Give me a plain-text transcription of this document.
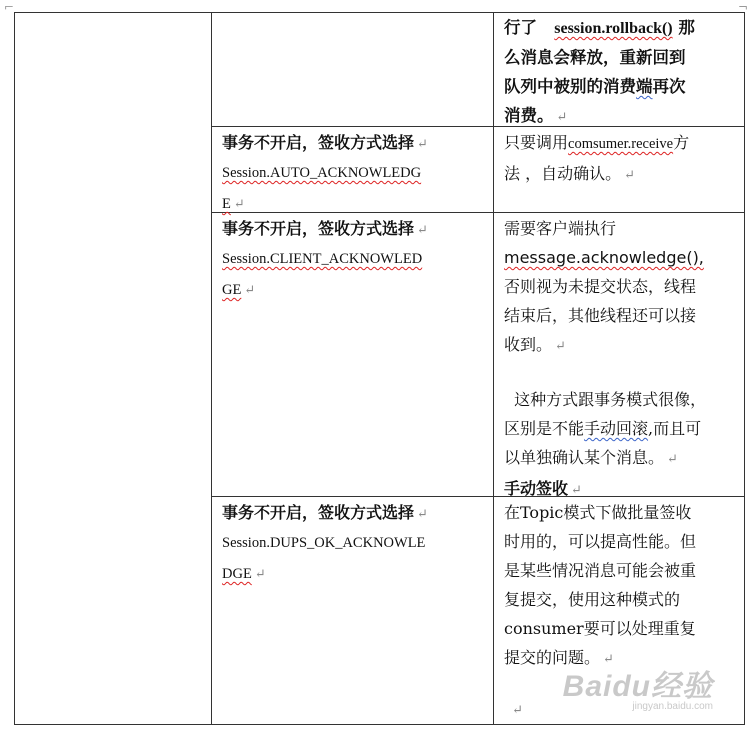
⌐	¬
行了 session.rollback() 那
么消息会释放，重新回到
队列中被别的消费端再次
消费。 ↵
事务不开启，签收方式选择 ↵
Session.AUTO_ACKNOWLEDG
E ↵
只要调用comsumer.receive方
法 ，自动确认。 ↵
事务不开启，签收方式选择 ↵
Session.CLIENT_ACKNOWLED
GE ↵
需要客户端执行
message.acknowledge(),
否则视为未提交状态，线程
结束后，其他线程还可以接
收到。 ↵
这种方式跟事务模式很像，
区别是不能手动回滚,而且可
以单独确认某个消息。 ↵
手动签收 ↵
事务不开启，签收方式选择 ↵
Session.DUPS_OK_ACKNOWLE
DGE ↵
在Topic模式下做批量签收
时用的，可以提高性能。但
是某些情况消息可能会被重
复提交，使用这种模式的
consumer要可以处理重复
提交的问题。 ↵
↵
Baidu经验
jingyan.baidu.com
